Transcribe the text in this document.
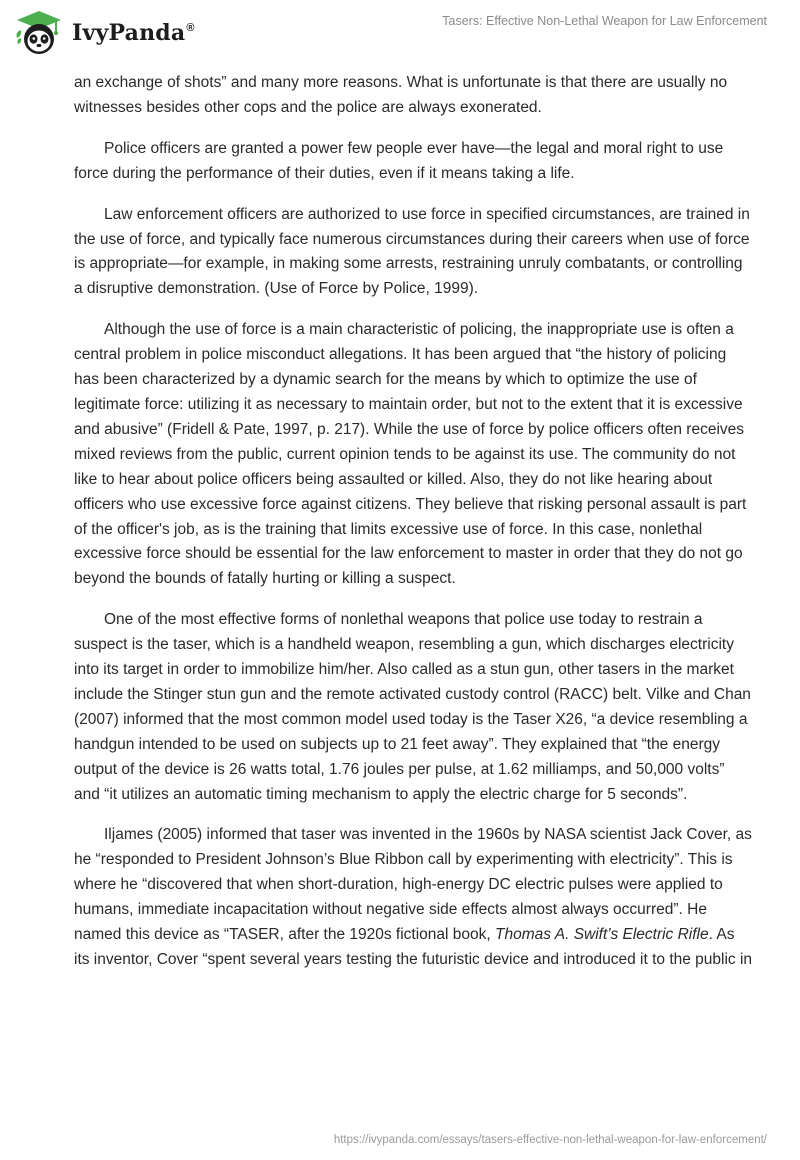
IvyPanda®	Tasers: Effective Non-Lethal Weapon for Law Enforcement

an exchange of shots” and many more reasons. What is unfortunate is that there are usually no witnesses besides other cops and the police are always exonerated.

Police officers are granted a power few people ever have—the legal and moral right to use force during the performance of their duties, even if it means taking a life.

Law enforcement officers are authorized to use force in specified circumstances, are trained in the use of force, and typically face numerous circumstances during their careers when use of force is appropriate—for example, in making some arrests, restraining unruly combatants, or controlling a disruptive demonstration. (Use of Force by Police, 1999).

Although the use of force is a main characteristic of policing, the inappropriate use is often a central problem in police misconduct allegations. It has been argued that “the history of policing has been characterized by a dynamic search for the means by which to optimize the use of legitimate force: utilizing it as necessary to maintain order, but not to the extent that it is excessive and abusive” (Fridell & Pate, 1997, p. 217). While the use of force by police officers often receives mixed reviews from the public, current opinion tends to be against its use. The community do not like to hear about police officers being assaulted or killed. Also, they do not like hearing about officers who use excessive force against citizens. They believe that risking personal assault is part of the officer's job, as is the training that limits excessive use of force. In this case, nonlethal excessive force should be essential for the law enforcement to master in order that they do not go beyond the bounds of fatally hurting or killing a suspect.

One of the most effective forms of nonlethal weapons that police use today to restrain a suspect is the taser, which is a handheld weapon, resembling a gun, which discharges electricity into its target in order to immobilize him/her. Also called as a stun gun, other tasers in the market include the Stinger stun gun and the remote activated custody control (RACC) belt. Vilke and Chan (2007) informed that the most common model used today is the Taser X26, “a device resembling a handgun intended to be used on subjects up to 21 feet away”. They explained that “the energy output of the device is 26 watts total, 1.76 joules per pulse, at 1.62 milliamps, and 50,000 volts” and “it utilizes an automatic timing mechanism to apply the electric charge for 5 seconds”.

Iljames (2005) informed that taser was invented in the 1960s by NASA scientist Jack Cover, as he “responded to President Johnson’s Blue Ribbon call by experimenting with electricity”. This is where he “discovered that when short-duration, high-energy DC electric pulses were applied to humans, immediate incapacitation without negative side effects almost always occurred”. He named this device as “TASER, after the 1920s fictional book, Thomas A. Swift’s Electric Rifle. As its inventor, Cover “spent several years testing the futuristic device and introduced it to the public in

https://ivypanda.com/essays/tasers-effective-non-lethal-weapon-for-law-enforcement/
